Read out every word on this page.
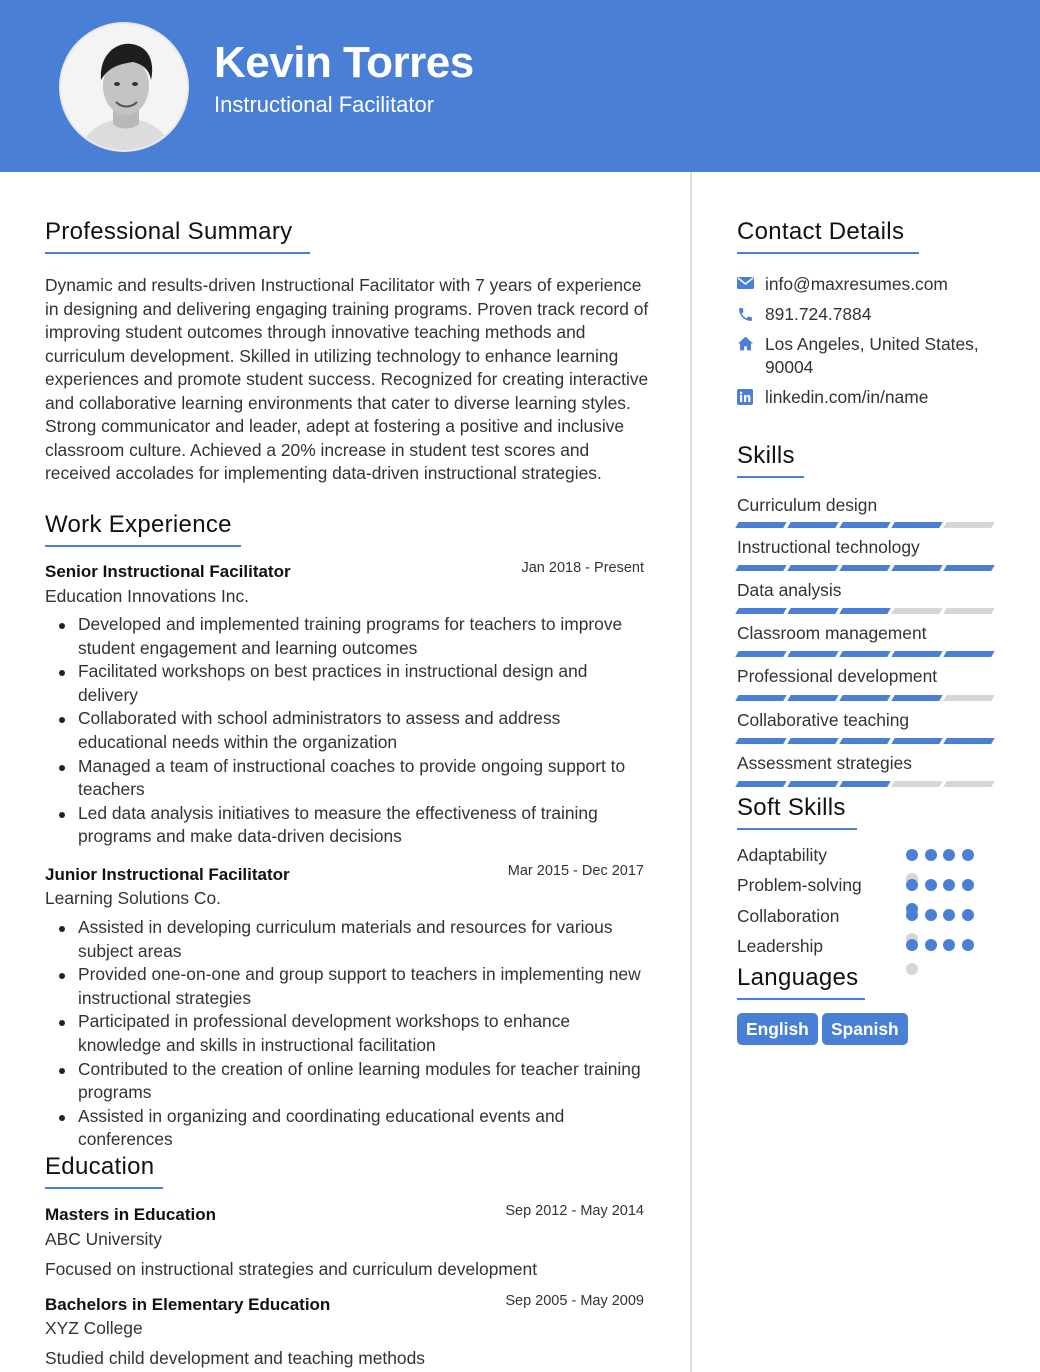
Kevin Torres
Instructional Facilitator
Professional Summary
Dynamic and results-driven Instructional Facilitator with 7 years of experience in designing and delivering engaging training programs. Proven track record of improving student outcomes through innovative teaching methods and curriculum development. Skilled in utilizing technology to enhance learning experiences and promote student success. Recognized for creating interactive and collaborative learning environments that cater to diverse learning styles. Strong communicator and leader, adept at fostering a positive and inclusive classroom culture. Achieved a 20% increase in student test scores and received accolades for implementing data-driven instructional strategies.
Work Experience
Senior Instructional Facilitator	Jan 2018 - Present
Education Innovations Inc.
Developed and implemented training programs for teachers to improve student engagement and learning outcomes
Facilitated workshops on best practices in instructional design and delivery
Collaborated with school administrators to assess and address educational needs within the organization
Managed a team of instructional coaches to provide ongoing support to teachers
Led data analysis initiatives to measure the effectiveness of training programs and make data-driven decisions
Junior Instructional Facilitator	Mar 2015 - Dec 2017
Learning Solutions Co.
Assisted in developing curriculum materials and resources for various subject areas
Provided one-on-one and group support to teachers in implementing new instructional strategies
Participated in professional development workshops to enhance knowledge and skills in instructional facilitation
Contributed to the creation of online learning modules for teacher training programs
Assisted in organizing and coordinating educational events and conferences
Education
Masters in Education	Sep 2012 - May 2014
ABC University
Focused on instructional strategies and curriculum development
Bachelors in Elementary Education	Sep 2005 - May 2009
XYZ College
Studied child development and teaching methods
Contact Details
info@maxresumes.com
891.724.7884
Los Angeles, United States, 90004
linkedin.com/in/name
Skills
Curriculum design
Instructional technology
Data analysis
Classroom management
Professional development
Collaborative teaching
Assessment strategies
Soft Skills
Adaptability
Problem-solving
Collaboration
Leadership
Languages
English	Spanish
